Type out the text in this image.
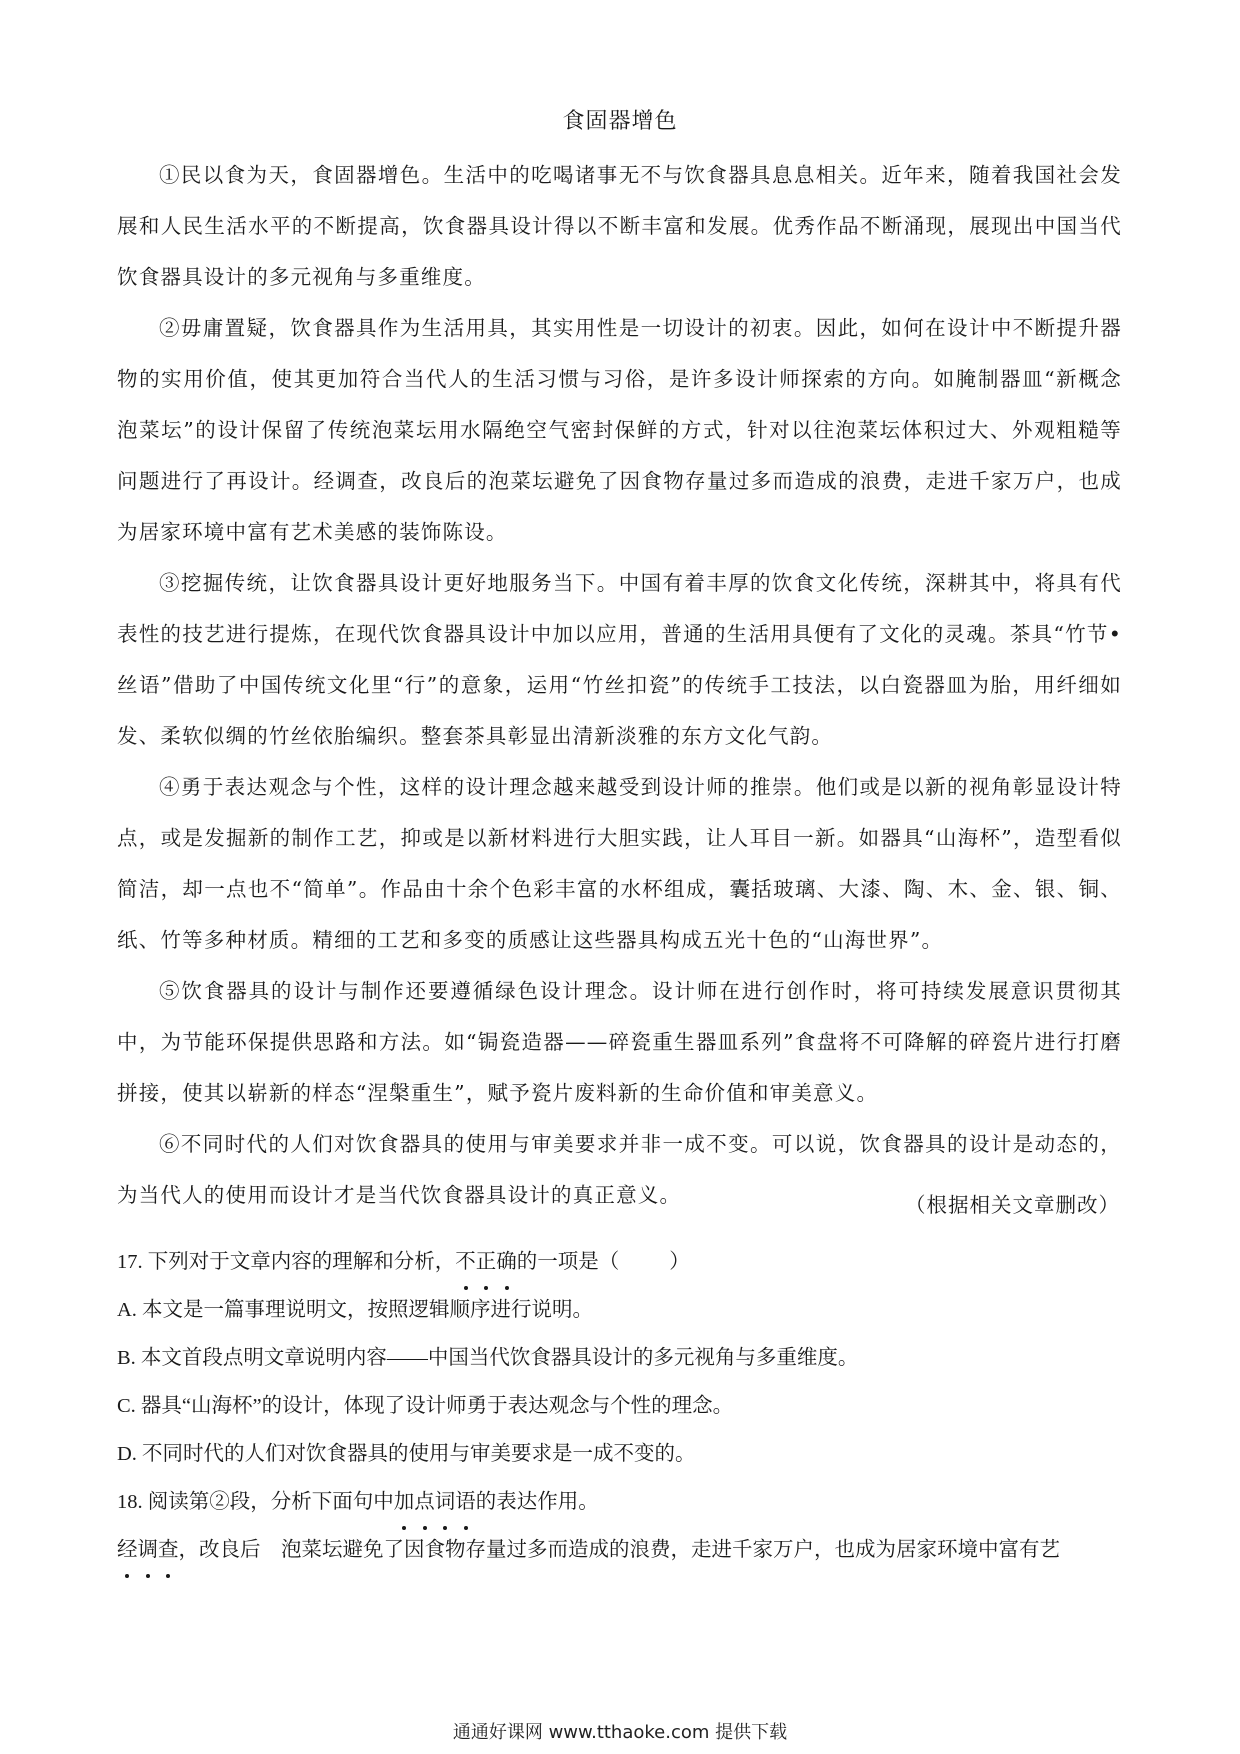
食固器增色

①民以食为天，食固器增色。生活中的吃喝诸事无不与饮食器具息息相关。近年来，随着我国社会发展和人民生活水平的不断提高，饮食器具设计得以不断丰富和发展。优秀作品不断涌现，展现出中国当代饮食器具设计的多元视角与多重维度。

②毋庸置疑，饮食器具作为生活用具，其实用性是一切设计的初衷。因此，如何在设计中不断提升器物的实用价值，使其更加符合当代人的生活习惯与习俗，是许多设计师探索的方向。如腌制器皿“新概念泡菜坛”的设计保留了传统泡菜坛用水隔绝空气密封保鲜的方式，针对以往泡菜坛体积过大、外观粗糙等问题进行了再设计。经调查，改良后的泡菜坛避免了因食物存量过多而造成的浪费，走进千家万户，也成为居家环境中富有艺术美感的装饰陈设。

③挖掘传统，让饮食器具设计更好地服务当下。中国有着丰厚的饮食文化传统，深耕其中，将具有代表性的技艺进行提炼，在现代饮食器具设计中加以应用，普通的生活用具便有了文化的灵魂。茶具“竹节•丝语”借助了中国传统文化里“行”的意象，运用“竹丝扣瓷”的传统手工技法，以白瓷器皿为胎，用纤细如发、柔软似绸的竹丝依胎编织。整套茶具彰显出清新淡雅的东方文化气韵。

④勇于表达观念与个性，这样的设计理念越来越受到设计师的推崇。他们或是以新的视角彰显设计特点，或是发掘新的制作工艺，抑或是以新材料进行大胆实践，让人耳目一新。如器具“山海杯”，造型看似简洁，却一点也不“简单”。作品由十余个色彩丰富的水杯组成，囊括玻璃、大漆、陶、木、金、银、铜、纸、竹等多种材质。精细的工艺和多变的质感让这些器具构成五光十色的“山海世界”。

⑤饮食器具的设计与制作还要遵循绿色设计理念。设计师在进行创作时，将可持续发展意识贯彻其中，为节能环保提供思路和方法。如“锔瓷造器——碎瓷重生器皿系列”食盘将不可降解的碎瓷片进行打磨拼接，使其以崭新的样态“涅槃重生”，赋予瓷片废料新的生命价值和审美意义。

⑥不同时代的人们对饮食器具的使用与审美要求并非一成不变。可以说，饮食器具的设计是动态的，为当代人的使用而设计才是当代饮食器具设计的真正意义。	（根据相关文章删改）
17. 下列对于文章内容的理解和分析，不正确的一项是（ ）
A. 本文是一篇事理说明文，按照逻辑顺序进行说明。
B. 本文首段点明文章说明内容——中国当代饮食器具设计的多元视角与多重维度。
C. 器具“山海杯”的设计，体现了设计师勇于表达观念与个性的理念。
D. 不同时代的人们对饮食器具的使用与审美要求是一成不变的。
18. 阅读第②段，分析下面句中加点词语的表达作用。
经调查，改良后　泡菜坛避免了因食物存量过多而造成的浪费，走进千家万户，也成为居家环境中富有艺
通通好课网 www.tthaoke.com 提供下载
